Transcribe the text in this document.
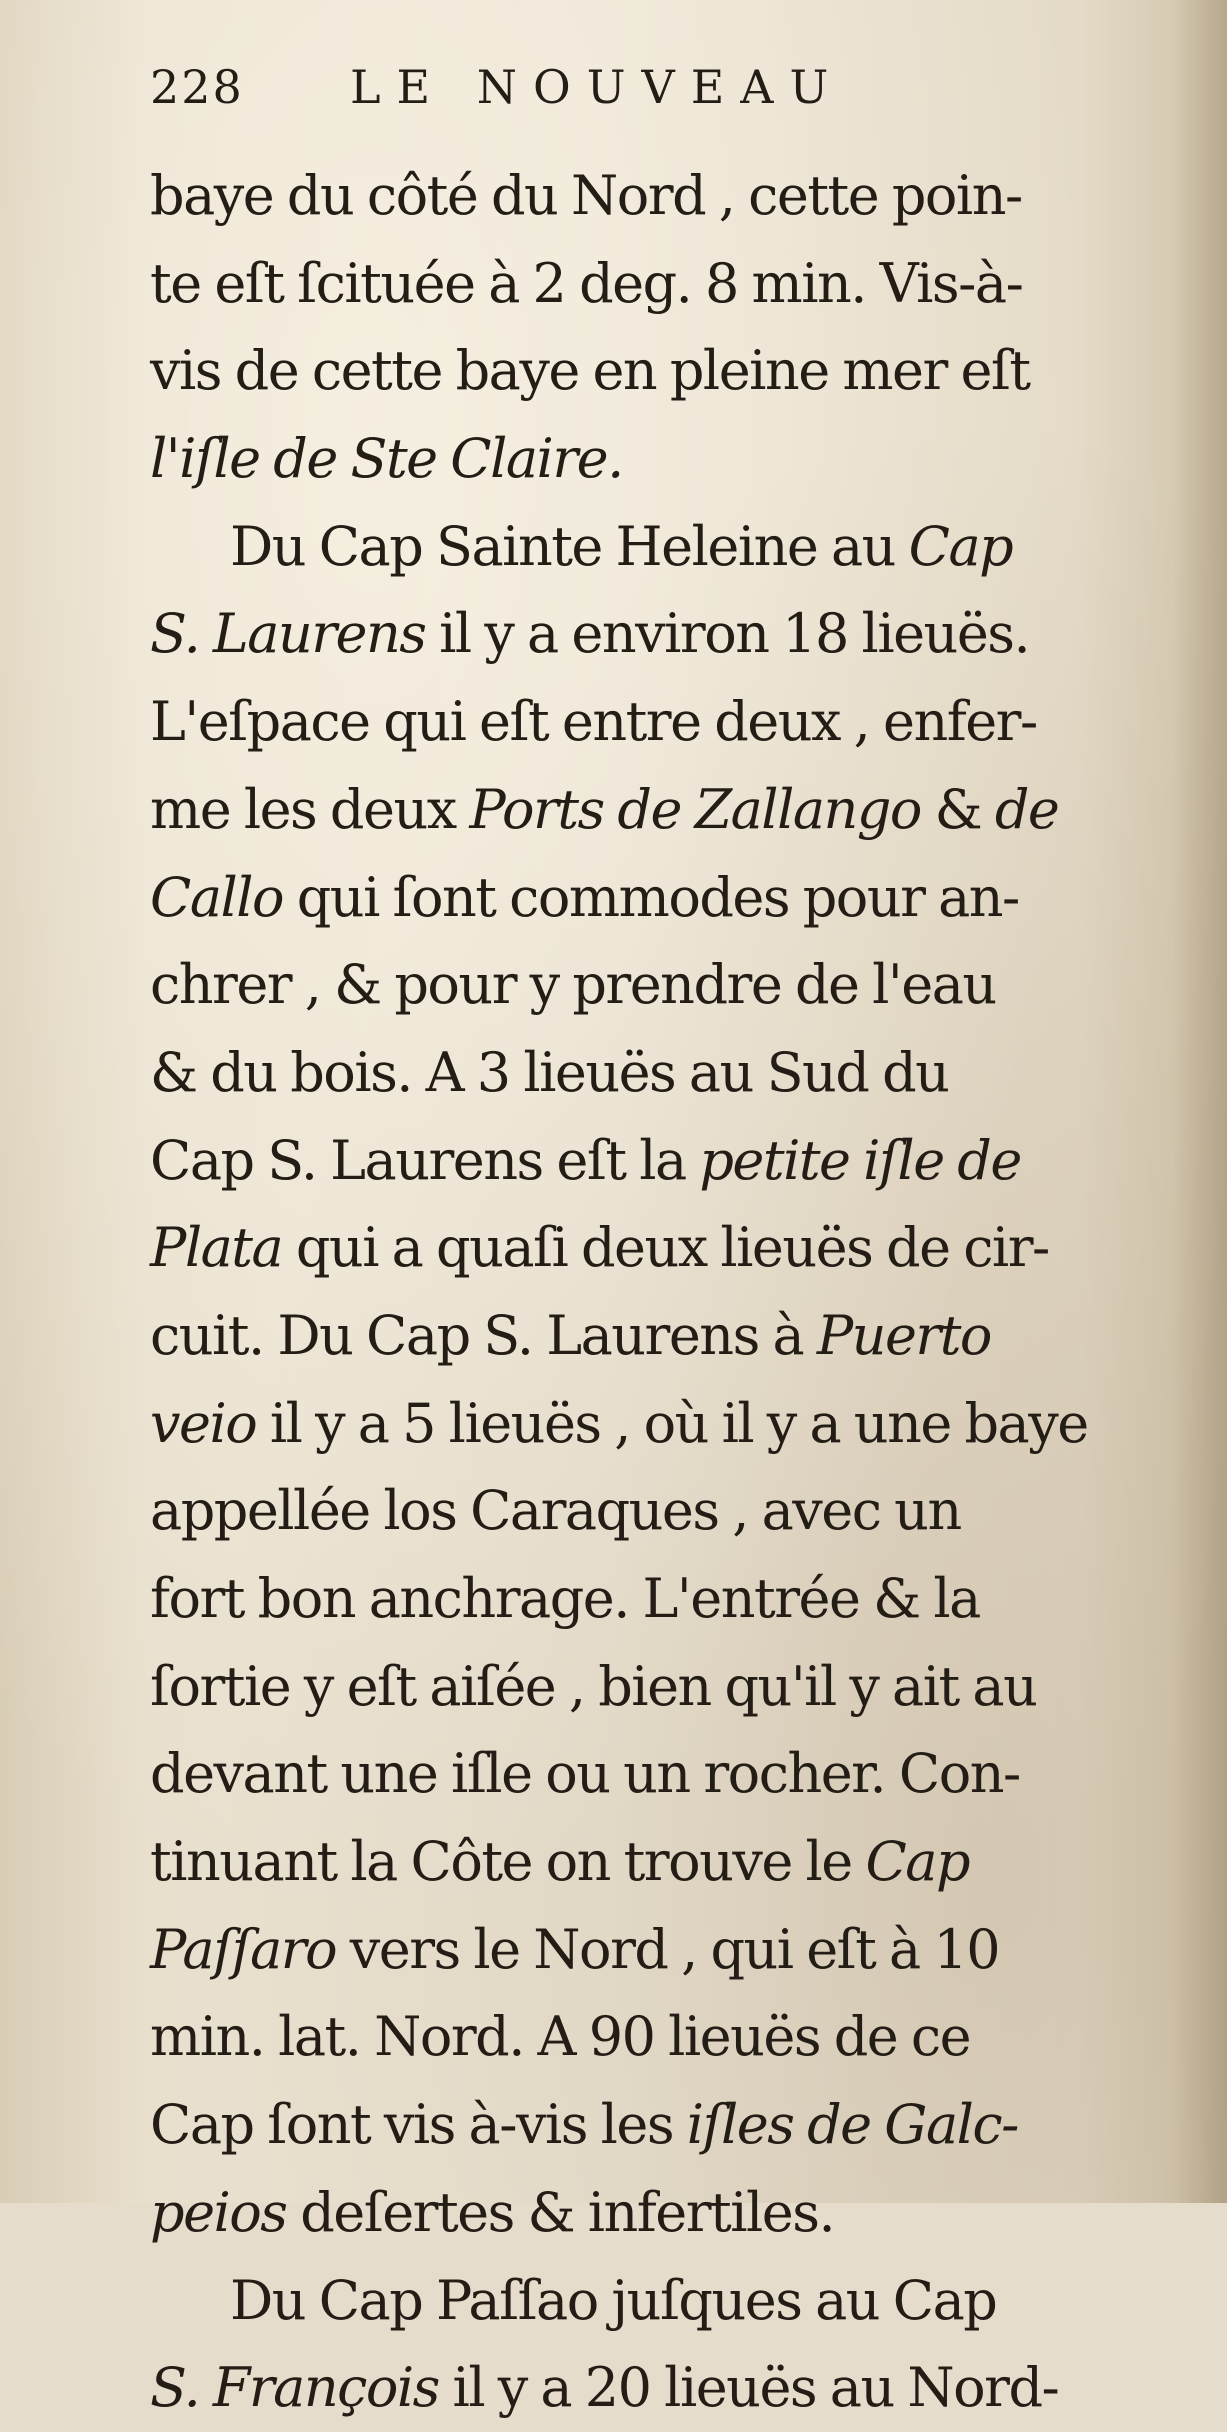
228	LE NOUVEAU
baye du côté du Nord , cette poin-
te eſt ſcituée à 2 deg. 8 min. Vis-à-
vis de cette baye en pleine mer eſt
l'iſle de Ste Claire.
Du Cap Sainte Heleine au Cap
S. Laurens il y a environ 18 lieuës.
L'eſpace qui eſt entre deux , enfer-
me les deux Ports de Zallango & de
Callo qui ſont commodes pour an-
chrer , & pour y prendre de l'eau
& du bois. A 3 lieuës au Sud du
Cap S. Laurens eſt la petite iſle de
Plata qui a quaſi deux lieuës de cir-
cuit. Du Cap S. Laurens à Puerto
veio il y a 5 lieuës , où il y a une baye
appellée los Caraques , avec un
fort bon anchrage. L'entrée & la
ſortie y eſt aiſée , bien qu'il y ait au
devant une iſle ou un rocher. Con-
tinuant la Côte on trouve le Cap
Paſſaro vers le Nord , qui eſt à 10
min. lat. Nord. A 90 lieuës de ce
Cap ſont vis à-vis les iſles de Galc-
peios deſertes & infertiles.
Du Cap Paſſao juſques au Cap
S. François il y a 20 lieuës au Nord-
